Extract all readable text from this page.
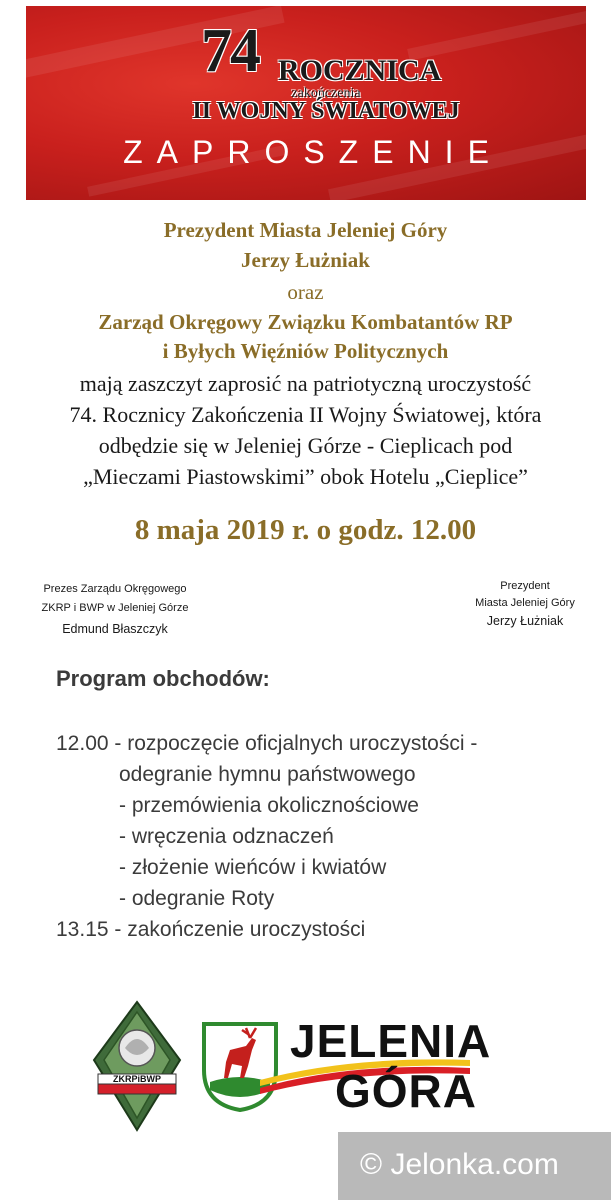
74 ROCZNICA
zakończenia
II WOJNY ŚWIATOWEJ
ZAPROSZENIE
Prezydent Miasta Jeleniej Góry
Jerzy Łużniak
oraz
Zarząd Okręgowy Związku Kombatantów RP
i Byłych Więźniów Politycznych
mają zaszczyt zaprosić na patriotyczną uroczystość
74. Rocznicy Zakończenia II Wojny Światowej, która
odbędzie się w Jeleniej Górze - Cieplicach pod
„Mieczami Piastowskimi” obok Hotelu „Cieplice”
8 maja 2019 r. o godz. 12.00
Prezes Zarządu Okręgowego
ZKRP i BWP w Jeleniej Górze
Edmund Błaszczyk
Prezydent
Miasta Jeleniej Góry
Jerzy Łużniak
Program obchodów:
12.00 - rozpoczęcie oficjalnych uroczystości -
odegranie hymnu państwowego
- przemówienia okolicznościowe
- wręczenia odznaczeń
- złożenie wieńców i kwiatów
- odegranie Roty
13.15 - zakończenie uroczystości
ZKRPiBWP
JELENIA
GÓRA
© Jelonka.com
